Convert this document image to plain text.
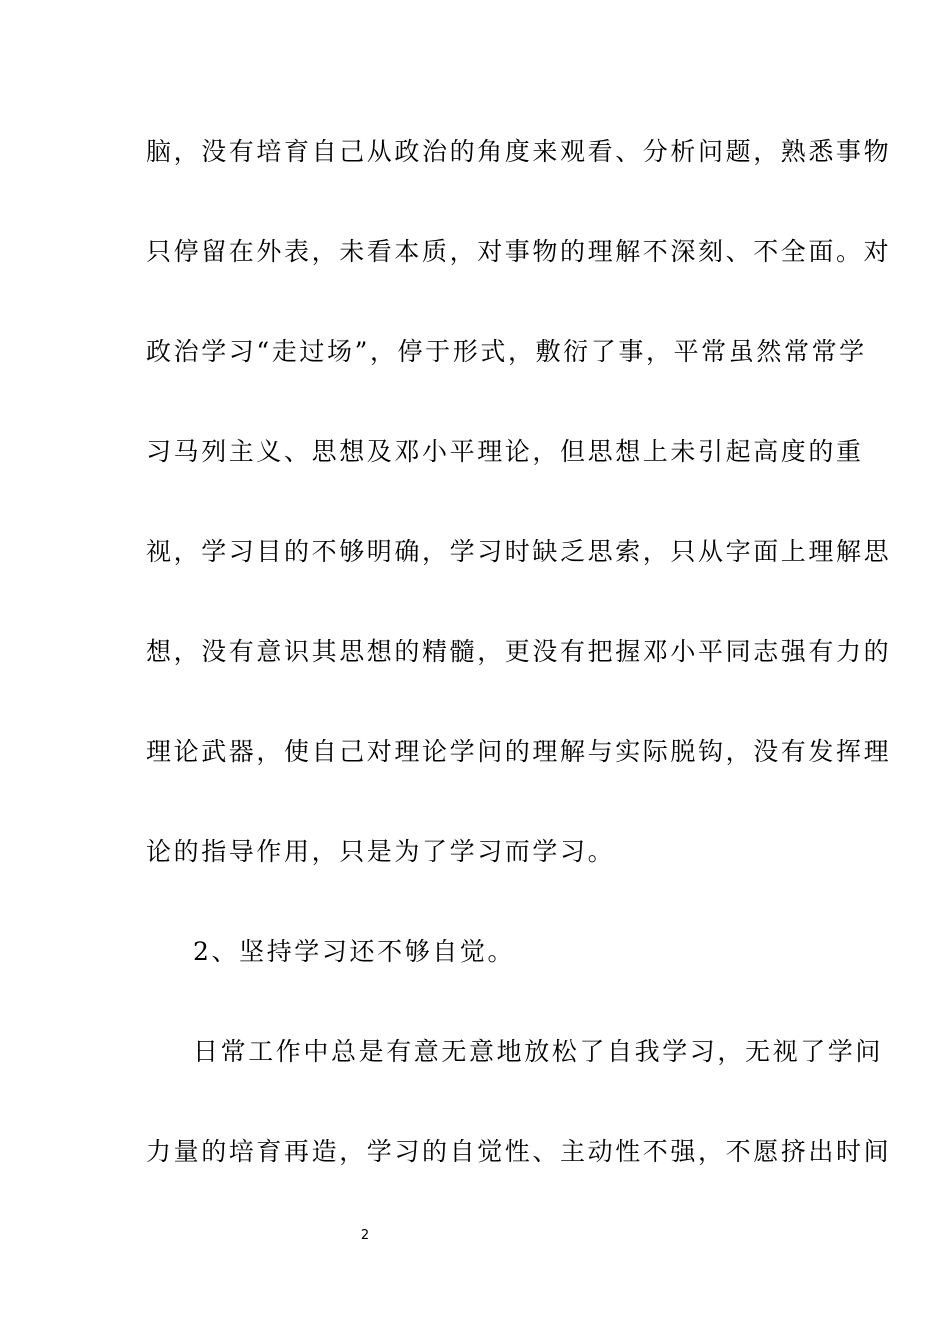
脑，没有培育自己从政治的角度来观看、分析问题，熟悉事物
只停留在外表，未看本质，对事物的理解不深刻、不全面。对
政治学习“走过场”，停于形式，敷衍了事，平常虽然常常学
习马列主义、思想及邓小平理论，但思想上未引起高度的重
视，学习目的不够明确，学习时缺乏思索，只从字面上理解思
想，没有意识其思想的精髓，更没有把握邓小平同志强有力的
理论武器，使自己对理论学问的理解与实际脱钩，没有发挥理
论的指导作用，只是为了学习而学习。
2、坚持学习还不够自觉。
日常工作中总是有意无意地放松了自我学习，无视了学问
力量的培育再造，学习的自觉性、主动性不强，不愿挤出时间
2
